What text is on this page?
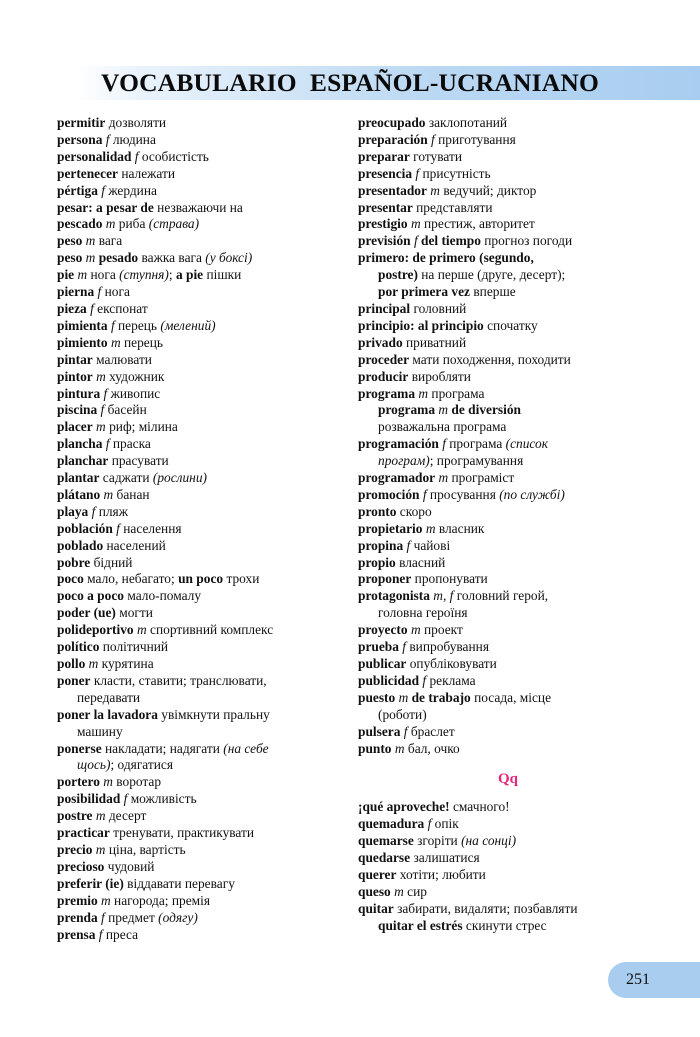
VOCABULARIO  ESPAÑOL-UCRANIANO
permitir дозволяти
persona f людина
personalidad f особистість
pertenecer належати
pértiga f жердина
pesar: a pesar de незважаючи на
pescado m риба (страва)
peso m вага
peso m pesado важка вага (у боксі)
pie m нога (ступня); a pie пішки
pierna f нога
pieza f експонат
pimienta f перець (мелений)
pimiento m перець
pintar малювати
pintor m художник
pintura f живопис
piscina f басейн
placer m риф; мілина
plancha f праска
planchar прасувати
plantar саджати (рослини)
plátano m банан
playa f пляж
población f населення
poblado населений
pobre бідний
poco мало, небагато; un poco трохи
poco a poco мало-помалу
poder (ue) могти
polideportivo m спортивний комплекс
político політичний
pollo m курятина
poner класти, ставити; транслювати,
передавати
poner la lavadora увімкнути пральну
машину
ponerse накладати; надягати (на себе
щось); одягатися
portero m воротар
posibilidad f можливість
postre m десерт
practicar тренувати, практикувати
precio m ціна, вартість
precioso чудовий
preferir (ie) віддавати перевагу
premio m нагорода; премія
prenda f предмет (одягу)
prensa f преса
preocupado заклопотаний
preparación f приготування
preparar готувати
presencia f присутність
presentador m ведучий; диктор
presentar представляти
prestigio m престиж, авторитет
previsión f del tiempo прогноз погоди
primero: de primero (segundo,
postre) на перше (друге, десерт);
por primera vez вперше
principal головний
principio: al principio спочатку
privado приватний
proceder мати походження, походити
producir виробляти
programa m програма
programa m de diversión
розважальна програма
programación f програма (список
програм); програмування
programador m програміст
promoción f просування (по службі)
pronto скоро
propietario m власник
propina f чайові
propio власний
proponer пропонувати
protagonista m, f головний герой,
головна героїня
proyecto m проект
prueba f випробування
publicar опубліковувати
publicidad f реклама
puesto m de trabajo посада, місце
(роботи)
pulsera f браслет
punto m бал, очко
Qq
¡qué aproveche! смачного!
quemadura f опік
quemarse згоріти (на сонці)
quedarse залишатися
querer хотіти; любити
queso m сир
quitar забирати, видаляти; позбавляти
quitar el estrés скинути стрес
251
